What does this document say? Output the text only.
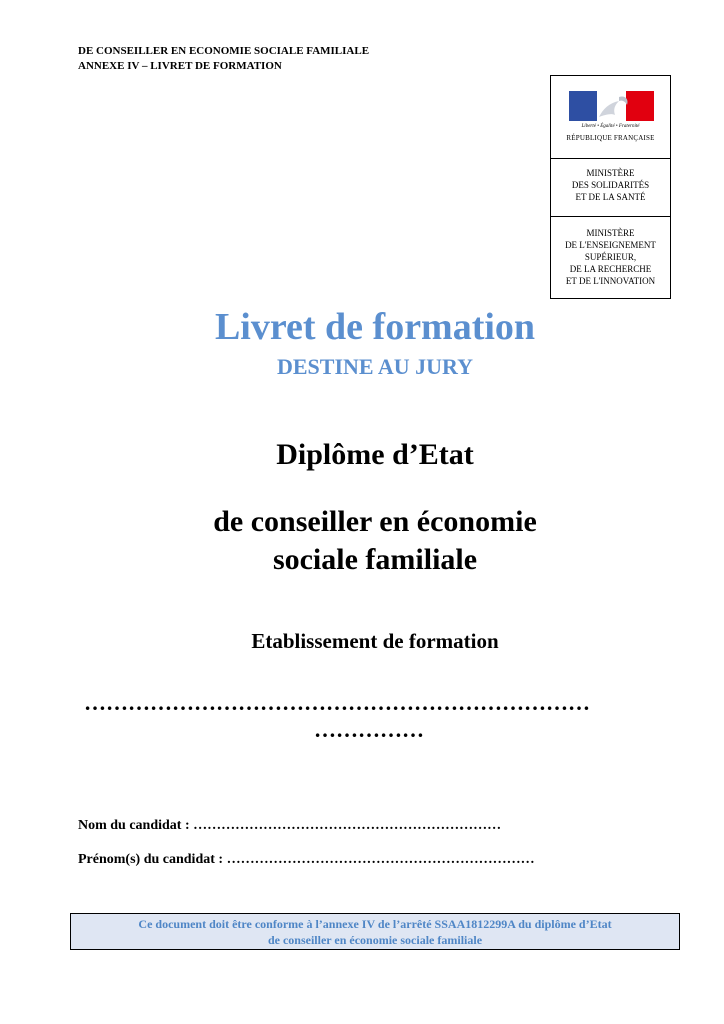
DE CONSEILLER EN ECONOMIE SOCIALE FAMILIALE
ANNEXE IV – LIVRET DE FORMATION
Liberté • Égalité • Fraternité
RÉPUBLIQUE FRANÇAISE
MINISTÈRE
DES SOLIDARITÉS
ET DE LA SANTÉ
MINISTÈRE
DE L'ENSEIGNEMENT
SUPÉRIEUR,
DE LA RECHERCHE
ET DE L'INNOVATION
Livret de formation
DESTINE AU JURY
Diplôme d’Etat
de conseiller en économie
sociale familiale
Etablissement de formation
……………………………………………………………
……………
Nom du candidat : …………………………………………………………
Prénom(s) du candidat : …………………………………………………………
Ce document doit être conforme à l’annexe IV de l’arrêté SSAA1812299A du diplôme d’Etat
de conseiller en économie sociale familiale
